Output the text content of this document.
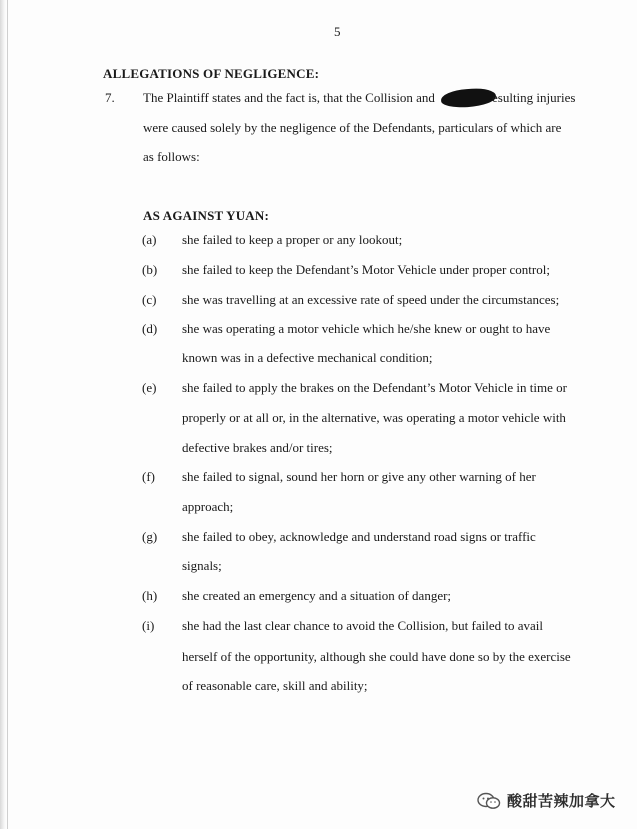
5
ALLEGATIONS OF NEGLIGENCE:
7. The Plaintiff states and the fact is, that the Collision and	esulting injuries
were caused solely by the negligence of the Defendants, particulars of which are
as follows:
AS AGAINST YUAN:
(a) she failed to keep a proper or any lookout;
(b) she failed to keep the Defendant’s Motor Vehicle under proper control;
(c) she was travelling at an excessive rate of speed under the circumstances;
(d) she was operating a motor vehicle which he/she knew or ought to have
known was in a defective mechanical condition;
(e) she failed to apply the brakes on the Defendant’s Motor Vehicle in time or
properly or at all or, in the alternative, was operating a motor vehicle with
defective brakes and/or tires;
(f) she failed to signal, sound her horn or give any other warning of her
approach;
(g) she failed to obey, acknowledge and understand road signs or traffic
signals;
(h) she created an emergency and a situation of danger;
(i) she had the last clear chance to avoid the Collision, but failed to avail
herself of the opportunity, although she could have done so by the exercise
of reasonable care, skill and ability;
酸甜苦辣加拿大
